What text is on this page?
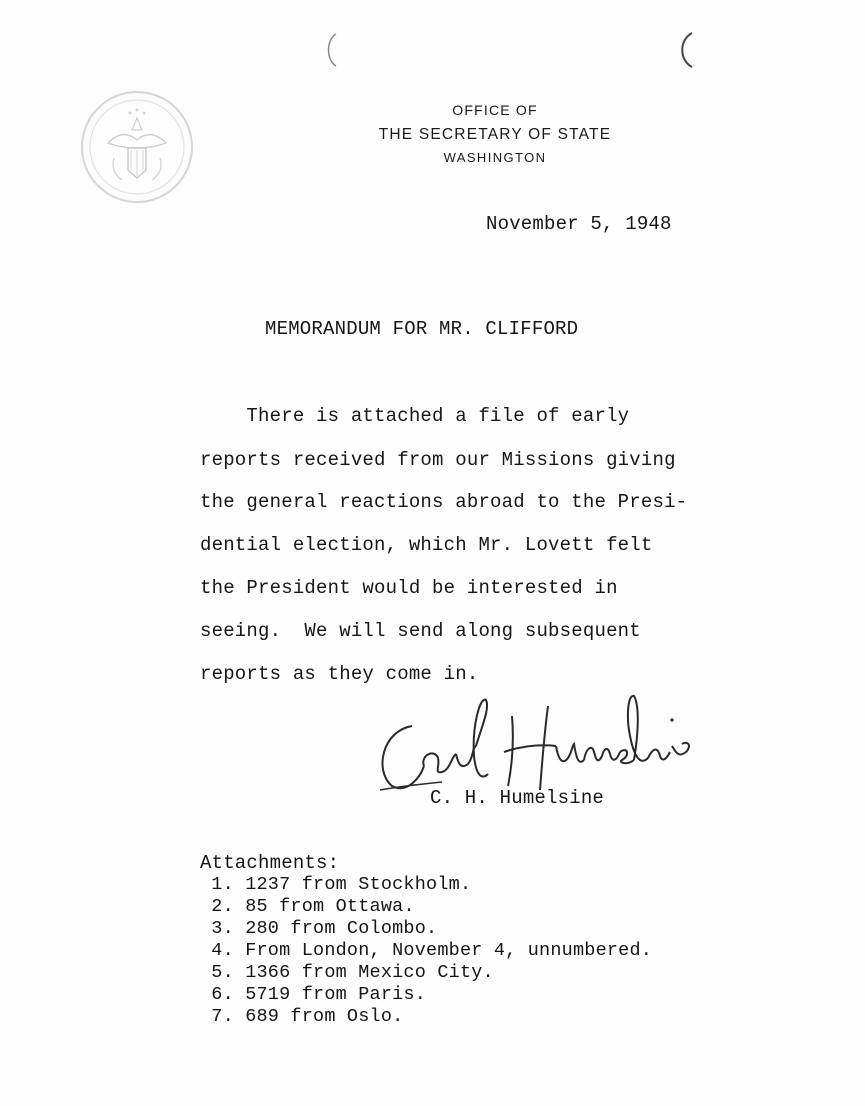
OFFICE OF
THE SECRETARY OF STATE
WASHINGTON
November 5, 1948
MEMORANDUM FOR MR. CLIFFORD
There is attached a file of early
reports received from our Missions giving
the general reactions abroad to the Presi-
dential election, which Mr. Lovett felt
the President would be interested in
seeing.  We will send along subsequent
reports as they come in.
C. H. Humelsine
Attachments:
1. 1237 from Stockholm.
2. 85 from Ottawa.
3. 280 from Colombo.
4. From London, November 4, unnumbered.
5. 1366 from Mexico City.
6. 5719 from Paris.
7. 689 from Oslo.
